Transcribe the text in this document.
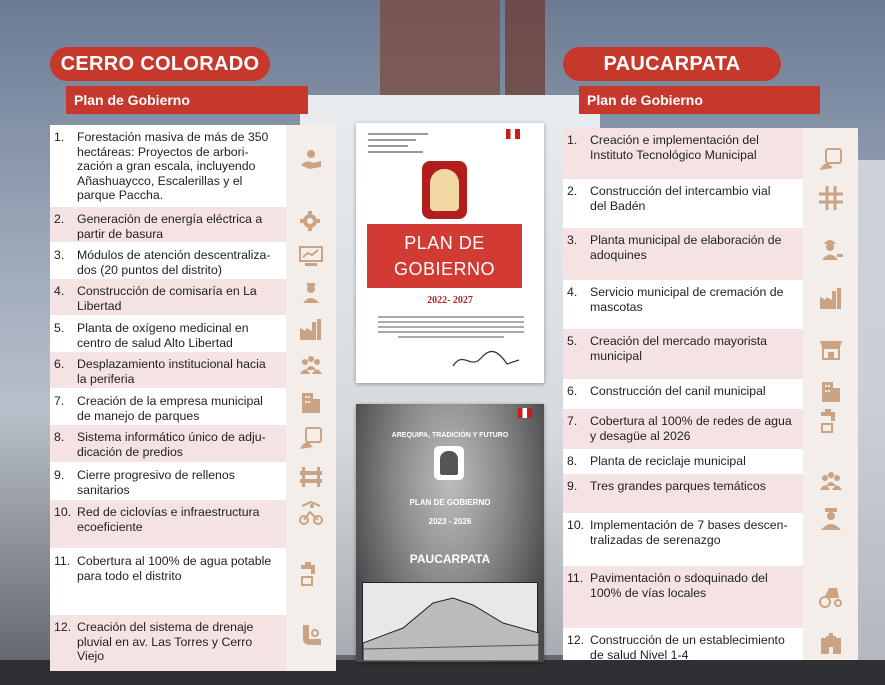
CERRO COLORADO
Plan de Gobierno
1.	Forestación masiva de más de 350
hectáreas: Proyectos de arbori-
zación a gran escala, incluyendo
Añashuaycco, Escalerillas y el
parque Paccha.
2.	Generación de energía eléctrica a
partir de basura
3.	Módulos de atención descentraliza-
dos (20 puntos del distrito)
4.	Construcción de comisaría en La
Libertad
5.	Planta de oxígeno medicinal en
centro de salud Alto Libertad
6.	Desplazamiento institucional hacia
la periferia
7.	Creación de la empresa municipal
de manejo de parques
8.	Sistema informático único de adju-
dicación de predios
9.	Cierre progresivo de rellenos
sanitarios
10. Red de ciclovías e infraestructura
ecoeficiente
11. Cobertura al 100% de agua potable
para todo el distrito
12. Creación del sistema de drenaje
pluvial en av. Las Torres y Cerro
Viejo
PAUCARPATA
Plan de Gobierno
1.	Creación e implementación del
Instituto Tecnológico Municipal
2.	Construcción del intercambio vial
del Badén
3.	Planta municipal de elaboración de
adoquines
4.	Servicio municipal de cremación de
mascotas
5.	Creación del mercado mayorista
municipal
6.	Construcción del canil municipal
7.	Cobertura al 100% de redes de agua
y desagüe al 2026
8.	Planta de reciclaje municipal
9.	Tres grandes parques temáticos
10. Implementación de 7 bases descen-
tralizadas de serenazgo
11. Pavimentación o sdoquinado del
100% de vías locales
12. Construcción de un establecimiento
de salud Nivel 1-4
PLAN DE
GOBIERNO
2022- 2027
AREQUIPA, TRADICIÓN Y FUTURO
PLAN DE GOBIERNO
2023 - 2026
PAUCARPATA
